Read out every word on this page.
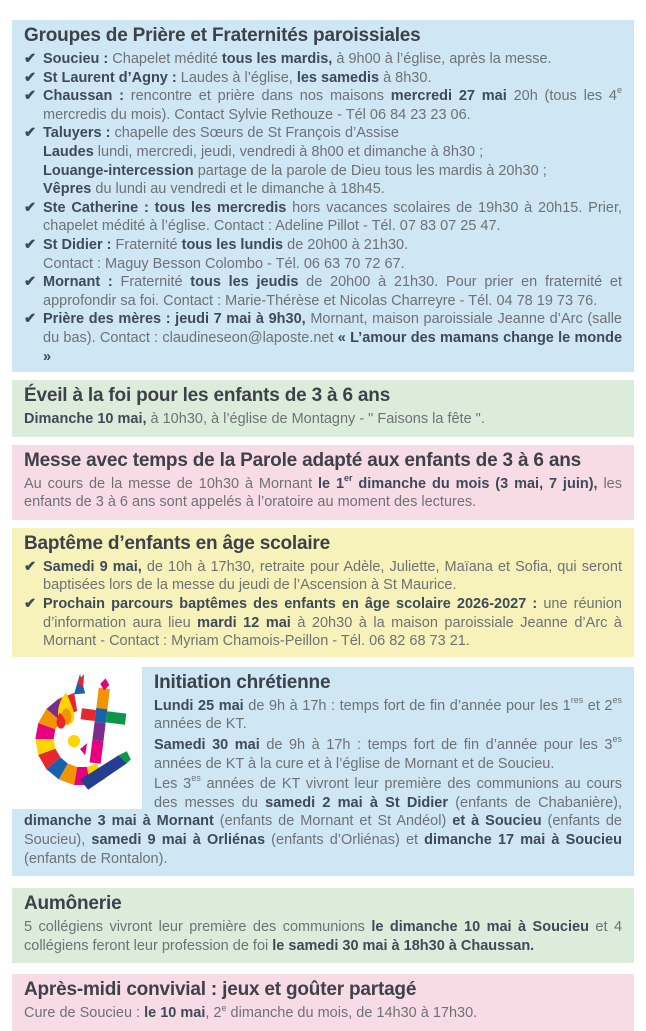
Groupes de Prière et Fraternités paroissiales
✔ Soucieu : Chapelet médité tous les mardis, à 9h00 à l’église, après la messe.
✔ St Laurent d’Agny : Laudes à l’église, les samedis à 8h30.
✔ Chaussan : rencontre et prière dans nos maisons mercredi 27 mai 20h (tous les 4e mercredis du mois). Contact Sylvie Rethouze - Tél 06 84 23 23 06.
✔ Taluyers : chapelle des Sœurs de St François d’Assise
Laudes lundi, mercredi, jeudi, vendredi à 8h00 et dimanche à 8h30 ;
Louange-intercession partage de la parole de Dieu tous les mardis à 20h30 ;
Vêpres du lundi au vendredi et le dimanche à 18h45.
✔ Ste Catherine : tous les mercredis hors vacances scolaires de 19h30 à 20h15. Prier, chapelet médité à l’église. Contact : Adeline Pillot - Tél. 07 83 07 25 47.
✔ St Didier : Fraternité tous les lundis de 20h00 à 21h30.
Contact : Maguy Besson Colombo - Tél. 06 63 70 72 67.
✔ Mornant : Fraternité tous les jeudis de 20h00 à 21h30. Pour prier en fraternité et approfondir sa foi. Contact : Marie-Thérèse et Nicolas Charreyre - Tél. 04 78 19 73 76.
✔ Prière des mères : jeudi 7 mai à 9h30, Mornant, maison paroissiale Jeanne d’Arc (salle du bas). Contact : claudineseon@laposte.net « L’amour des mamans change le monde »
Éveil à la foi pour les enfants de 3 à 6 ans
Dimanche 10 mai, à 10h30, à l’église de Montagny - " Faisons la fête ".
Messe avec temps de la Parole adapté aux enfants de 3 à 6 ans
Au cours de la messe de 10h30 à Mornant le 1er dimanche du mois (3 mai, 7 juin), les enfants de 3 à 6 ans sont appelés à l’oratoire au moment des lectures.
Baptême d’enfants en âge scolaire
✔ Samedi 9 mai, de 10h à 17h30, retraite pour Adèle, Juliette, Maïana et Sofia, qui seront baptisées lors de la messe du jeudi de l’Ascension à St Maurice.
✔ Prochain parcours baptêmes des enfants en âge scolaire 2026-2027 : une réunion d’information aura lieu mardi 12 mai à 20h30 à la maison paroissiale Jeanne d’Arc à Mornant - Contact : Myriam Chamois-Peillon - Tél. 06 82 68 73 21.
Initiation chrétienne
Lundi 25 mai de 9h à 17h : temps fort de fin d’année pour les 1res et $2^{es}$ années de KT.
Samedi 30 mai de 9h à 17h : temps fort de fin d’année pour les $3^{es}$ années de KT à la cure et à l’église de Mornant et de Soucieu.
Les $3^{es}$ années de KT vivront leur première des communions au cours des messes du samedi 2 mai à St Didier (enfants de Chabanière), dimanche 3 mai à Mornant (enfants de Mornant et St Andéol) et à Soucieu (enfants de Soucieu), samedi 9 mai à Orliénas (enfants d’Orliénas) et dimanche 17 mai à Soucieu (enfants de Rontalon).
Aumônerie
5 collégiens vivront leur première des communions le dimanche 10 mai à Soucieu et 4 collégiens feront leur profession de foi le samedi 30 mai à 18h30 à Chaussan.
Après-midi convivial : jeux et goûter partagé
Cure de Soucieu : le 10 mai, 2e dimanche du mois, de 14h30 à 17h30.
